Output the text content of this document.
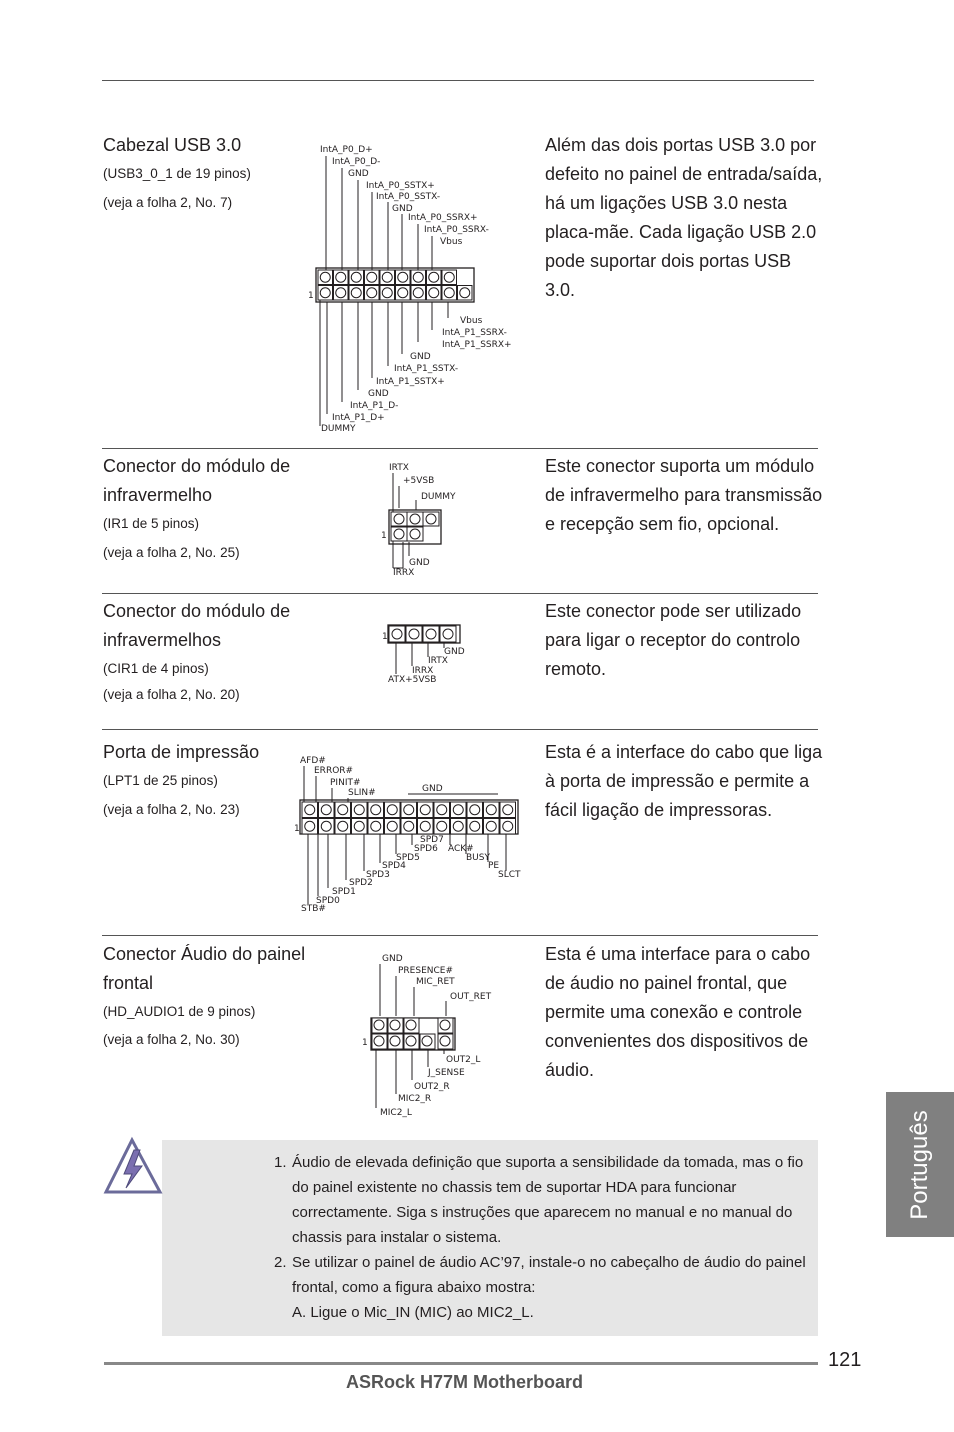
Cabezal USB 3.0
(USB3_0_1 de 19 pinos)
(veja a folha 2, No. 7)
Além das dois portas USB 3.0 por defeito no painel de entrada/saída, há um ligações USB 3.0 nesta placa-mãe. Cada ligação USB 2.0 pode suportar dois portas USB 3.0.
IntA_P0_D+
IntA_P0_D-
GND
IntA_P0_SSTX+
IntA_P0_SSTX-
GND
IntA_P0_SSRX+
IntA_P0_SSRX-
Vbus
Vbus
IntA_P1_SSRX-
IntA_P1_SSRX+
GND
IntA_P1_SSTX-
IntA_P1_SSTX+
GND
IntA_P1_D-
IntA_P1_D+
DUMMY
1
Conector do módulo de infravermelho
(IR1 de 5 pinos)
(veja a folha 2, No. 25)
Este conector suporta um módulo de infravermelho para transmissão e recepção sem fio, opcional.
IRTX
+5VSB
DUMMY
GND
IRRX
1
Conector do módulo de infravermelhos
(CIR1 de 4 pinos)
(veja a folha 2, No. 20)
Este conector pode ser utilizado para ligar o receptor do controlo remoto.
1
GND
IRTX
IRRX
ATX+5VSB
Porta de impressão
(LPT1 de 25 pinos)
(veja a folha 2, No. 23)
Esta é a interface do cabo que liga à porta de impressão e permite a fácil ligação de impressoras.
AFD#
ERROR#
PINIT#
SLIN#	GND
SPD7
SPD6 ACK#
SPD5	BUSY
SPD4	PE
SPD3	SLCT
SPD2
SPD1
SPD0
STB#
1
Conector Áudio do painel frontal
(HD_AUDIO1 de 9 pinos)
(veja a folha 2, No. 30)
Esta é uma interface para o cabo de áudio no painel frontal, que permite uma conexão e controle convenientes dos dispositivos de áudio.
GND
PRESENCE#
MIC_RET
OUT_RET
OUT2_L
J_SENSE
OUT2_R
MIC2_R
MIC2_L
1
1. Áudio de elevada definição que suporta a sensibilidade da tomada, mas o fio do painel existente no chassis tem de suportar HDA para funcionar correctamente. Siga s instruções que aparecem no manual e no manual do chassis para instalar o sistema.
2. Se utilizar o painel de áudio AC’97, instale-o no cabeçalho de áudio do painel frontal, como a figura abaixo mostra:
A. Ligue o Mic_IN (MIC) ao MIC2_L.
Português
121
ASRock H77M Motherboard
